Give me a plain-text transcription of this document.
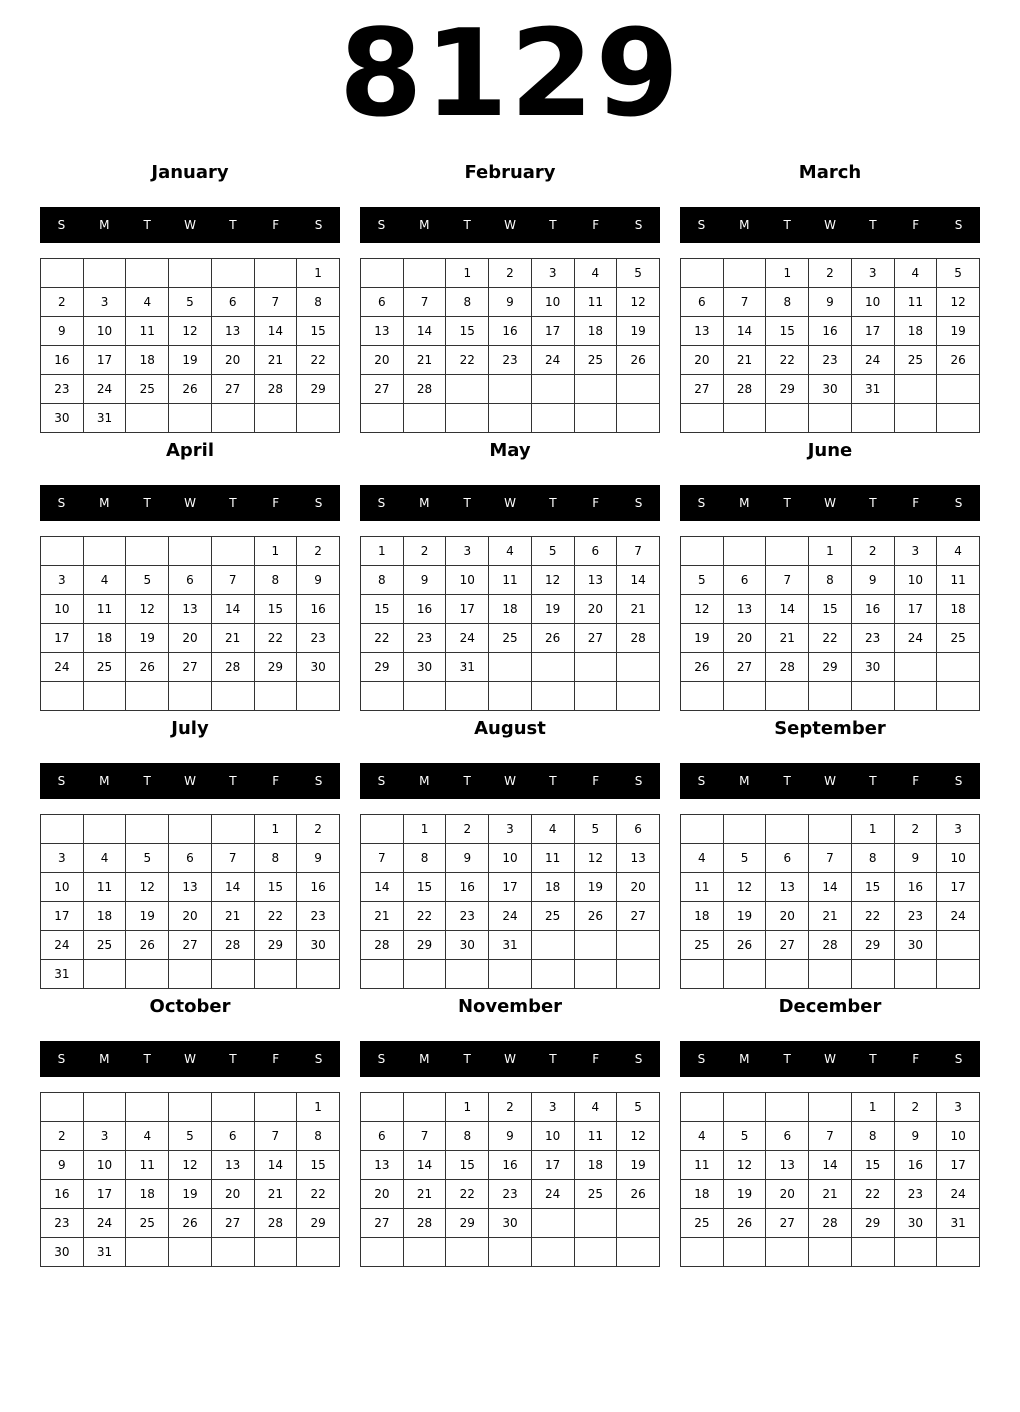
8129
January
S	M	T	W	T	F	S
						1
2	3	4	5	6	7	8
9	10	11	12	13	14	15
16	17	18	19	20	21	22
23	24	25	26	27	28	29
30	31					
February
S	M	T	W	T	F	S
		1	2	3	4	5
6	7	8	9	10	11	12
13	14	15	16	17	18	19
20	21	22	23	24	25	26
27	28					

March
S	M	T	W	T	F	S
		1	2	3	4	5
6	7	8	9	10	11	12
13	14	15	16	17	18	19
20	21	22	23	24	25	26
27	28	29	30	31		

April
S	M	T	W	T	F	S
					1	2
3	4	5	6	7	8	9
10	11	12	13	14	15	16
17	18	19	20	21	22	23
24	25	26	27	28	29	30

May
S	M	T	W	T	F	S
1	2	3	4	5	6	7
8	9	10	11	12	13	14
15	16	17	18	19	20	21
22	23	24	25	26	27	28
29	30	31				

June
S	M	T	W	T	F	S
			1	2	3	4
5	6	7	8	9	10	11
12	13	14	15	16	17	18
19	20	21	22	23	24	25
26	27	28	29	30		

July
S	M	T	W	T	F	S
					1	2
3	4	5	6	7	8	9
10	11	12	13	14	15	16
17	18	19	20	21	22	23
24	25	26	27	28	29	30
31						
August
S	M	T	W	T	F	S
	1	2	3	4	5	6
7	8	9	10	11	12	13
14	15	16	17	18	19	20
21	22	23	24	25	26	27
28	29	30	31			

September
S	M	T	W	T	F	S
				1	2	3
4	5	6	7	8	9	10
11	12	13	14	15	16	17
18	19	20	21	22	23	24
25	26	27	28	29	30	

October
S	M	T	W	T	F	S
						1
2	3	4	5	6	7	8
9	10	11	12	13	14	15
16	17	18	19	20	21	22
23	24	25	26	27	28	29
30	31					
November
S	M	T	W	T	F	S
		1	2	3	4	5
6	7	8	9	10	11	12
13	14	15	16	17	18	19
20	21	22	23	24	25	26
27	28	29	30			

December
S	M	T	W	T	F	S
				1	2	3
4	5	6	7	8	9	10
11	12	13	14	15	16	17
18	19	20	21	22	23	24
25	26	27	28	29	30	31
